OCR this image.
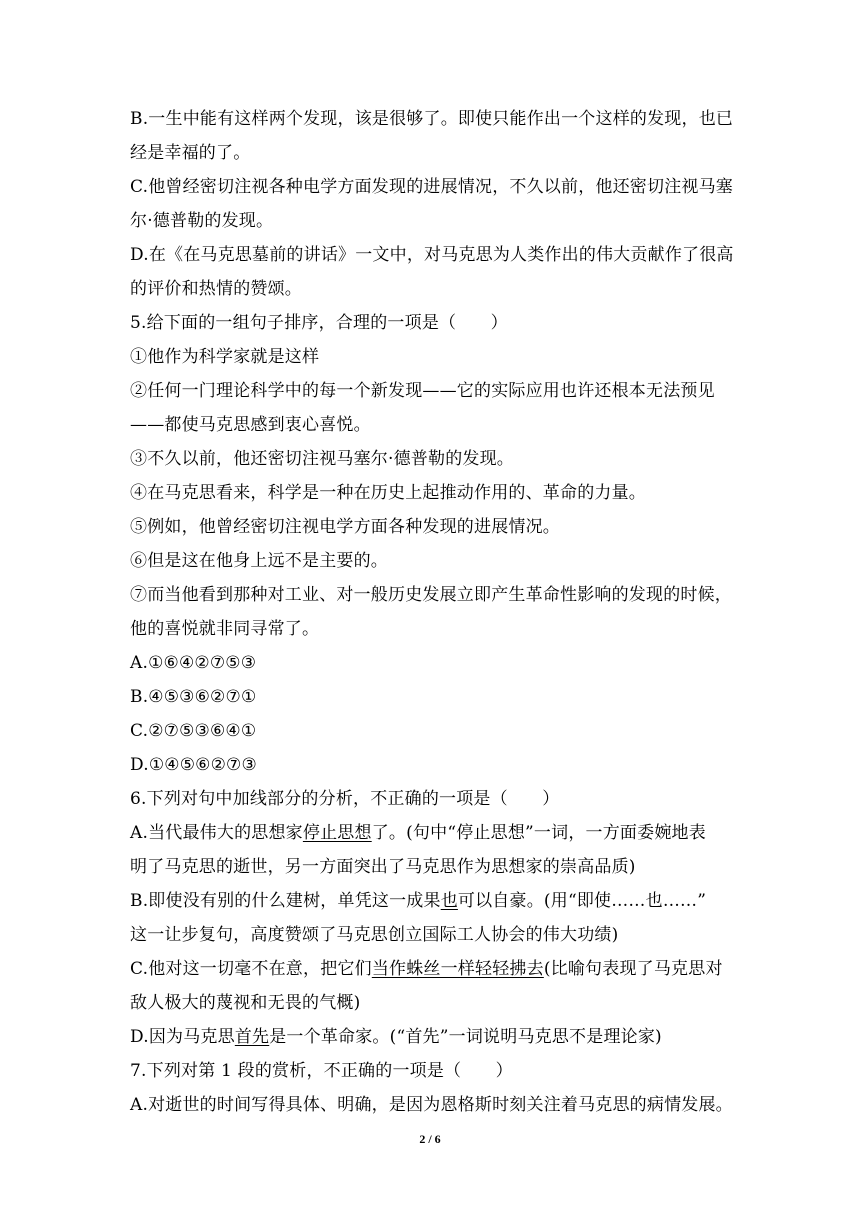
B.一生中能有这样两个发现，该是很够了。即使只能作出一个这样的发现，也已
经是幸福的了。
C.他曾经密切注视各种电学方面发现的进展情况，不久以前，他还密切注视马塞
尔·德普勒的发现。
D.在《在马克思墓前的讲话》一文中，对马克思为人类作出的伟大贡献作了很高
的评价和热情的赞颂。
5.给下面的一组句子排序，合理的一项是（　　）
①他作为科学家就是这样
②任何一门理论科学中的每一个新发现——它的实际应用也许还根本无法预见
——都使马克思感到衷心喜悦。
③不久以前，他还密切注视马塞尔·德普勒的发现。
④在马克思看来，科学是一种在历史上起推动作用的、革命的力量。
⑤例如，他曾经密切注视电学方面各种发现的进展情况。
⑥但是这在他身上远不是主要的。
⑦而当他看到那种对工业、对一般历史发展立即产生革命性影响的发现的时候，
他的喜悦就非同寻常了。
A.①⑥④②⑦⑤③
B.④⑤③⑥②⑦①
C.②⑦⑤③⑥④①
D.①④⑤⑥②⑦③
6.下列对句中加线部分的分析，不正确的一项是（　　）
A.当代最伟大的思想家停止思想了。(句中“停止思想”一词，一方面委婉地表
明了马克思的逝世，另一方面突出了马克思作为思想家的崇高品质)
B.即使没有别的什么建树，单凭这一成果也可以自豪。(用“即使……也……”
这一让步复句，高度赞颂了马克思创立国际工人协会的伟大功绩)
C.他对这一切毫不在意，把它们当作蛛丝一样轻轻拂去(比喻句表现了马克思对
敌人极大的蔑视和无畏的气概)
D.因为马克思首先是一个革命家。(“首先”一词说明马克思不是理论家)
7.下列对第 1 段的赏析，不正确的一项是（　　）
A.对逝世的时间写得具体、明确，是因为恩格斯时刻关注着马克思的病情发展。
2 / 6
